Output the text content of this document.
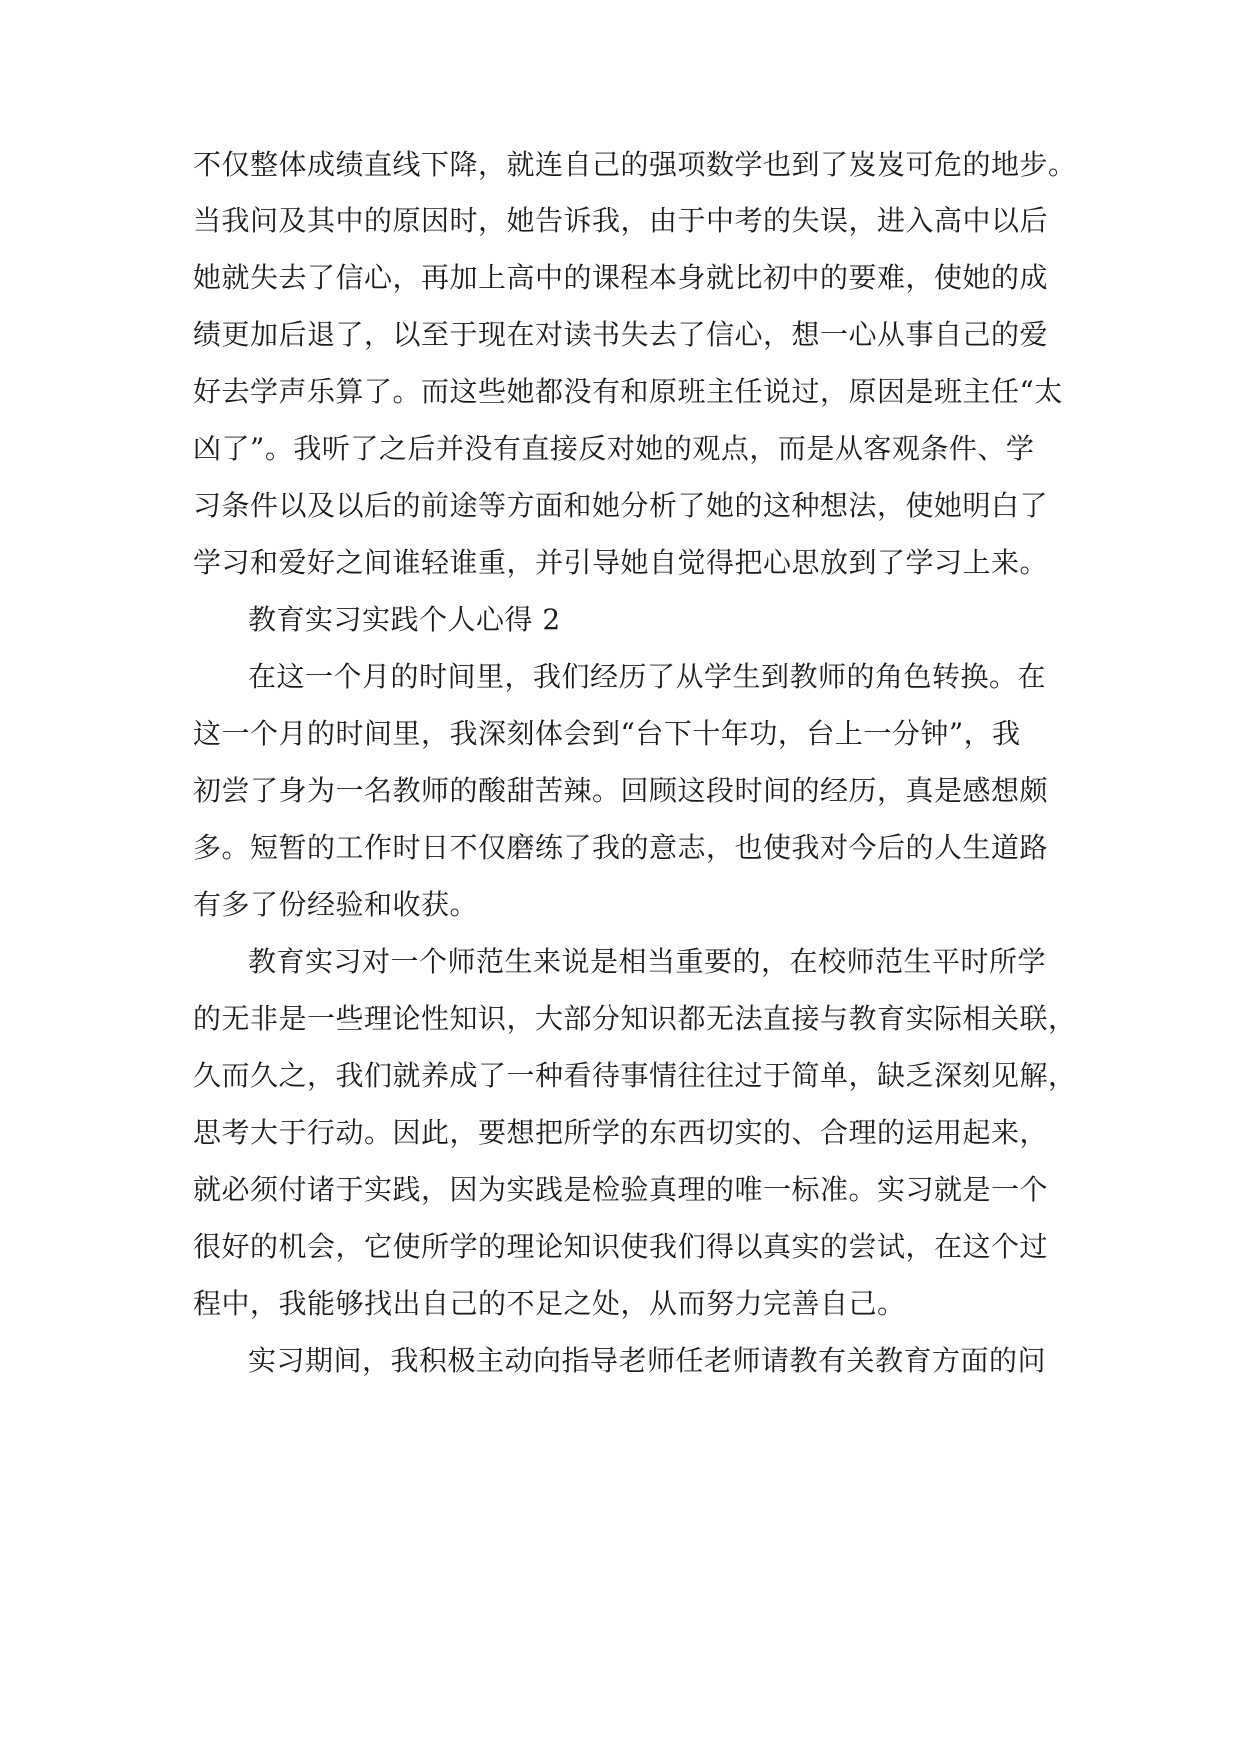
不仅整体成绩直线下降，就连自己的强项数学也到了岌岌可危的地步。
当我问及其中的原因时，她告诉我，由于中考的失误，进入高中以后
她就失去了信心，再加上高中的课程本身就比初中的要难，使她的成
绩更加后退了，以至于现在对读书失去了信心，想一心从事自己的爱
好去学声乐算了。而这些她都没有和原班主任说过，原因是班主任“太
凶了”。我听了之后并没有直接反对她的观点，而是从客观条件、学
习条件以及以后的前途等方面和她分析了她的这种想法，使她明白了
学习和爱好之间谁轻谁重，并引导她自觉得把心思放到了学习上来。
教育实习实践个人心得 2
在这一个月的时间里，我们经历了从学生到教师的角色转换。在
这一个月的时间里，我深刻体会到“台下十年功，台上一分钟”，我
初尝了身为一名教师的酸甜苦辣。回顾这段时间的经历，真是感想颇
多。短暂的工作时日不仅磨练了我的意志，也使我对今后的人生道路
有多了份经验和收获。
教育实习对一个师范生来说是相当重要的，在校师范生平时所学
的无非是一些理论性知识，大部分知识都无法直接与教育实际相关联，
久而久之，我们就养成了一种看待事情往往过于简单，缺乏深刻见解，
思考大于行动。因此，要想把所学的东西切实的、合理的运用起来，
就必须付诸于实践，因为实践是检验真理的唯一标准。实习就是一个
很好的机会，它使所学的理论知识使我们得以真实的尝试，在这个过
程中，我能够找出自己的不足之处，从而努力完善自己。
实习期间，我积极主动向指导老师任老师请教有关教育方面的问
